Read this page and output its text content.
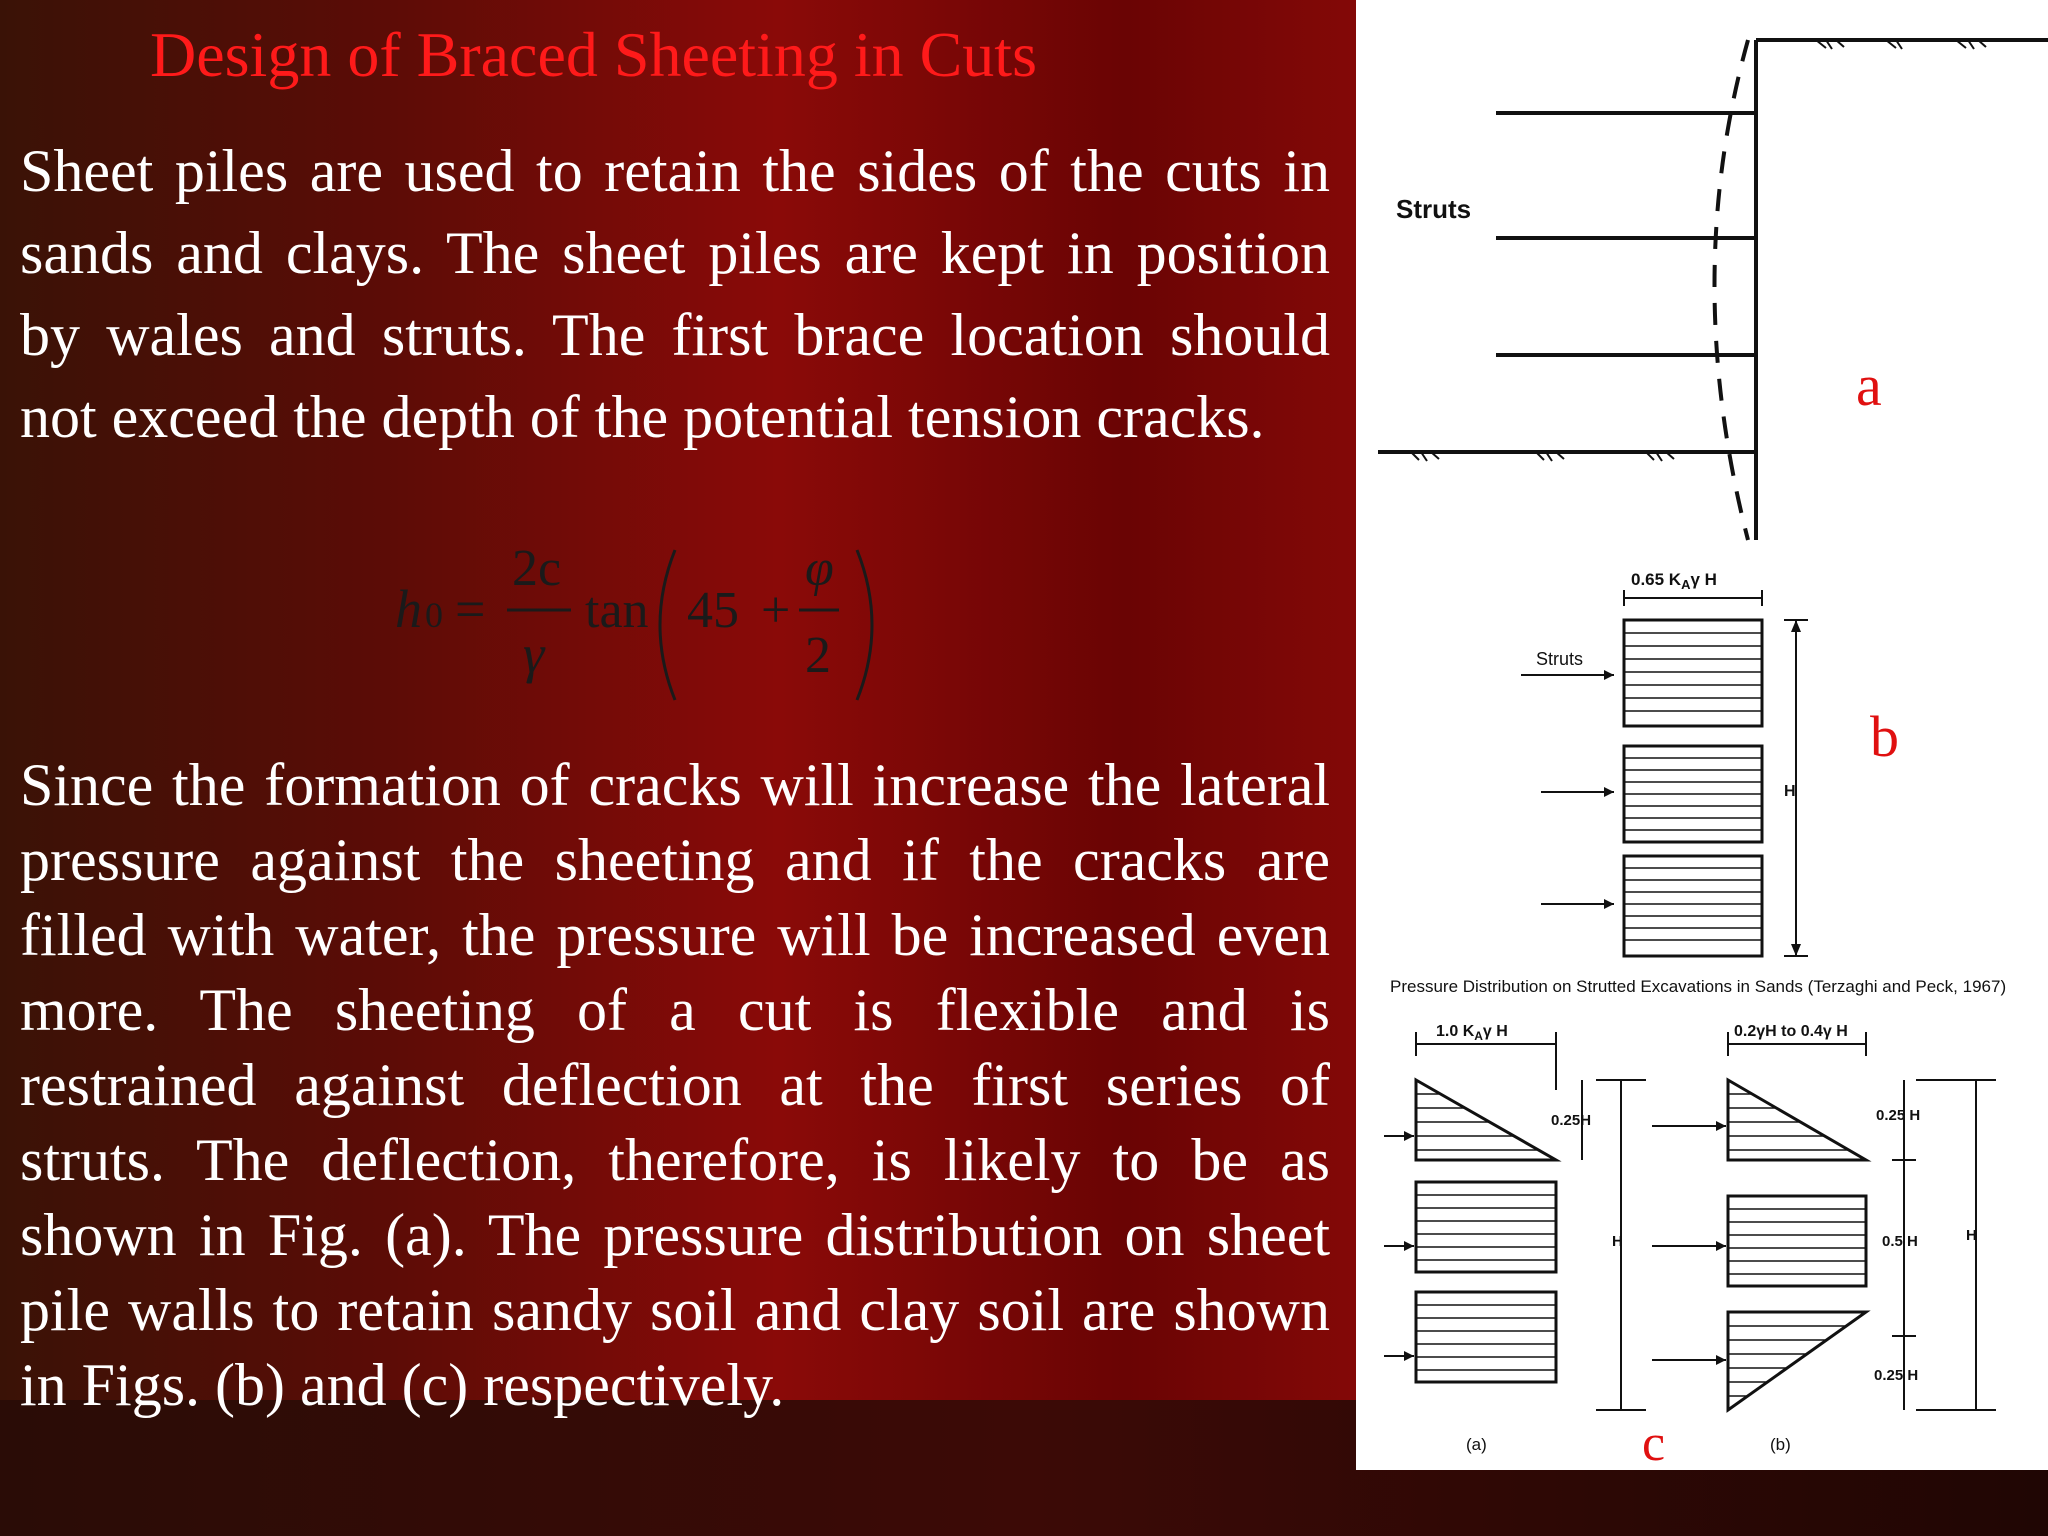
Design of Braced Sheeting in Cuts

Sheet piles are used to retain the sides of the cuts in sands and clays. The sheet piles are kept in position by wales and struts. The first brace location should not exceed the depth of the potential tension cracks.

h 0 =
2c
γ
tan 45 +
φ
2

Since the formation of cracks will increase the lateral pressure against the sheeting and if the cracks are filled with water, the pressure will be increased even more. The sheeting of a cut is flexible and is restrained against deflection at the first series of struts. The deflection, therefore, is likely to be as shown in Fig. (a). The pressure distribution on sheet pile walls to retain sandy soil and clay soil are shown in Figs. (b) and (c) respectively.

Struts
a
0.65 $K_A\gamma$ H
Struts
H
b
Pressure Distribution on Strutted Excavations in Sands (Terzaghi and Peck, 1967)
1.0 $K_A\gamma$ H
0.25H
H
(a)
0.2γH to 0.4γ H
0.25 H
0.5 H
0.25 H
H
(b)
c
